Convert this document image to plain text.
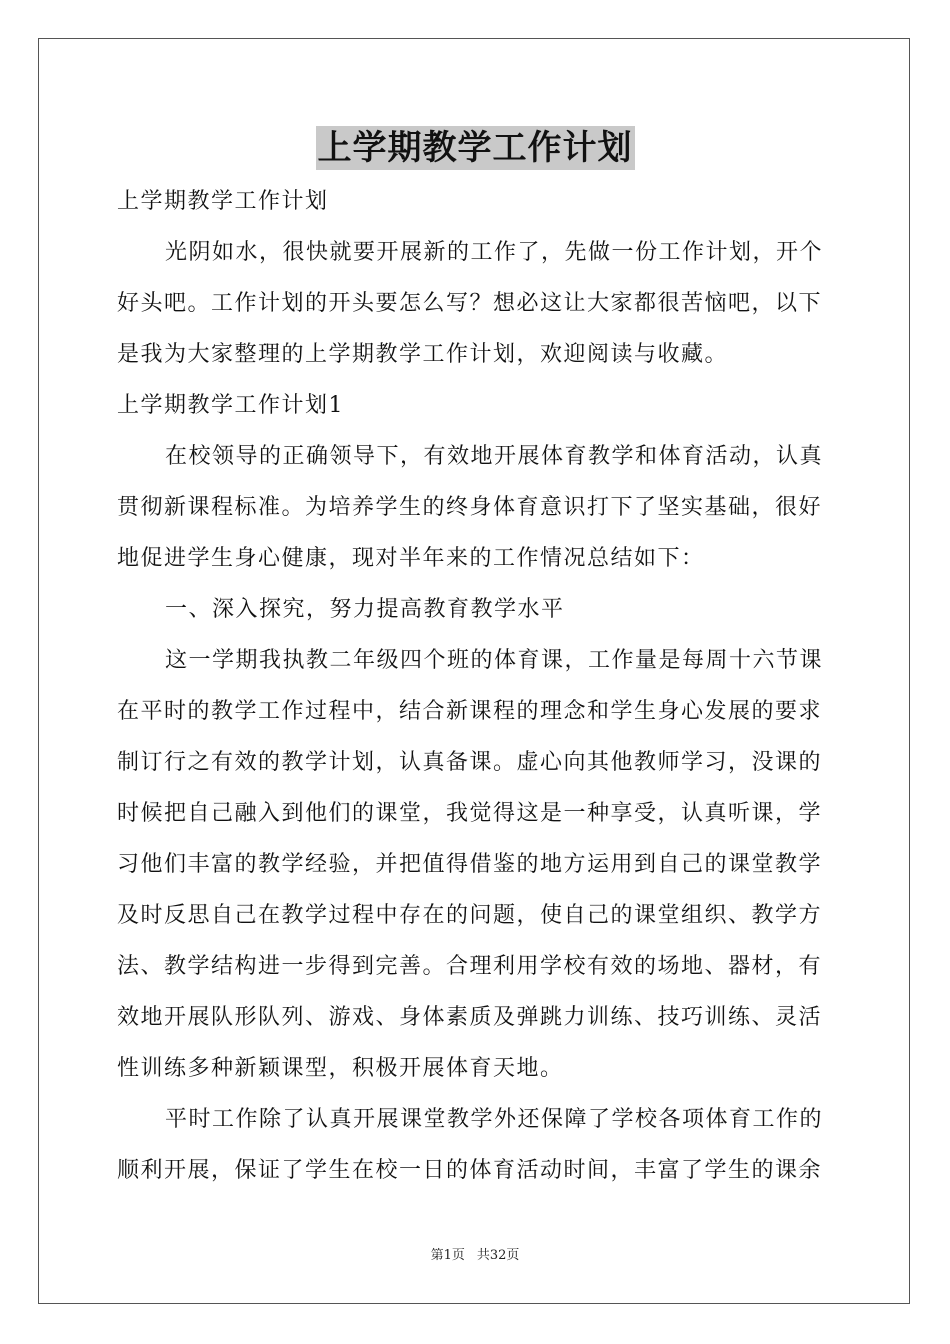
上学期教学工作计划
上学期教学工作计划
光阴如水，很快就要开展新的工作了，先做一份工作计划，开个
好头吧。工作计划的开头要怎么写？想必这让大家都很苦恼吧，以下
是我为大家整理的上学期教学工作计划，欢迎阅读与收藏。
上学期教学工作计划1
在校领导的正确领导下，有效地开展体育教学和体育活动，认真
贯彻新课程标准。为培养学生的终身体育意识打下了坚实基础，很好
地促进学生身心健康，现对半年来的工作情况总结如下：
一、深入探究，努力提高教育教学水平
这一学期我执教二年级四个班的体育课，工作量是每周十六节课
在平时的教学工作过程中，结合新课程的理念和学生身心发展的要求
制订行之有效的教学计划，认真备课。虚心向其他教师学习，没课的
时候把自己融入到他们的课堂，我觉得这是一种享受，认真听课，学
习他们丰富的教学经验，并把值得借鉴的地方运用到自己的课堂教学
及时反思自己在教学过程中存在的问题，使自己的课堂组织、教学方
法、教学结构进一步得到完善。合理利用学校有效的场地、器材，有
效地开展队形队列、游戏、身体素质及弹跳力训练、技巧训练、灵活
性训练多种新颖课型，积极开展体育天地。
平时工作除了认真开展课堂教学外还保障了学校各项体育工作的
顺利开展，保证了学生在校一日的体育活动时间，丰富了学生的课余
第1页 共32页
